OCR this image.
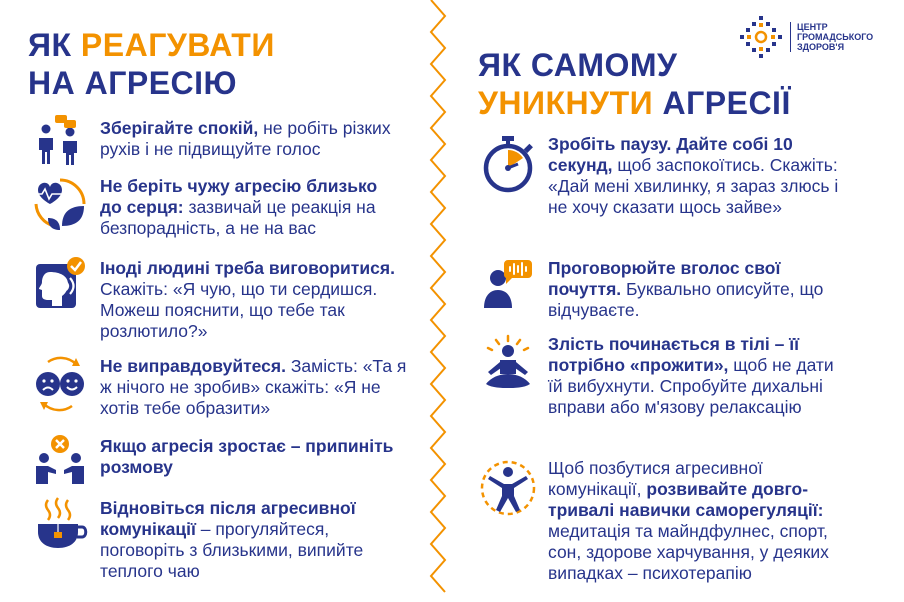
ЯК РЕАГУВАТИ
НА АГРЕСІЮ	ЯК САМОМУ
УНИКНУТИ АГРЕСІЇ
ЦЕНТР
ГРОМАДСЬКОГО
ЗДОРОВ'Я
Зберігайте спокій, не робіть різких рухів і не підвищуйте голос
Не беріть чужу агресію близько до серця: зазвичай це реакція на безпорадність, а не на вас
Іноді людині треба виговоритися. Скажіть: «Я чую, що ти сердишся. Можеш пояснити, що тебе так розлютило?»
Не виправдовуйтеся. Замість: «Та я ж нічого не зробив» скажіть: «Я не хотів тебе образити»
Якщо агресія зростає – припиніть розмову
Відновіться після агресивної комунікації – прогуляйтеся, поговоріть з близькими, випийте теплого чаю
Зробіть паузу. Дайте собі 10 секунд, щоб заспокоїтись. Скажіть: «Дай мені хвилинку, я зараз злюсь і не хочу сказати щось зайве»
Проговорюйте вголос свої почуття. Буквально описуйте, що відчуваєте.
Злість починається в тілі – її потрібно «прожити», щоб не дати їй вибухнути. Спробуйте дихальні вправи або м'язову релаксацію
Щоб позбутися агресивної комунікації, розвивайте довго-тривалі навички саморегуляції: медитація та майндфулнес, спорт, сон, здорове харчування, у деяких випадках – психотерапію
